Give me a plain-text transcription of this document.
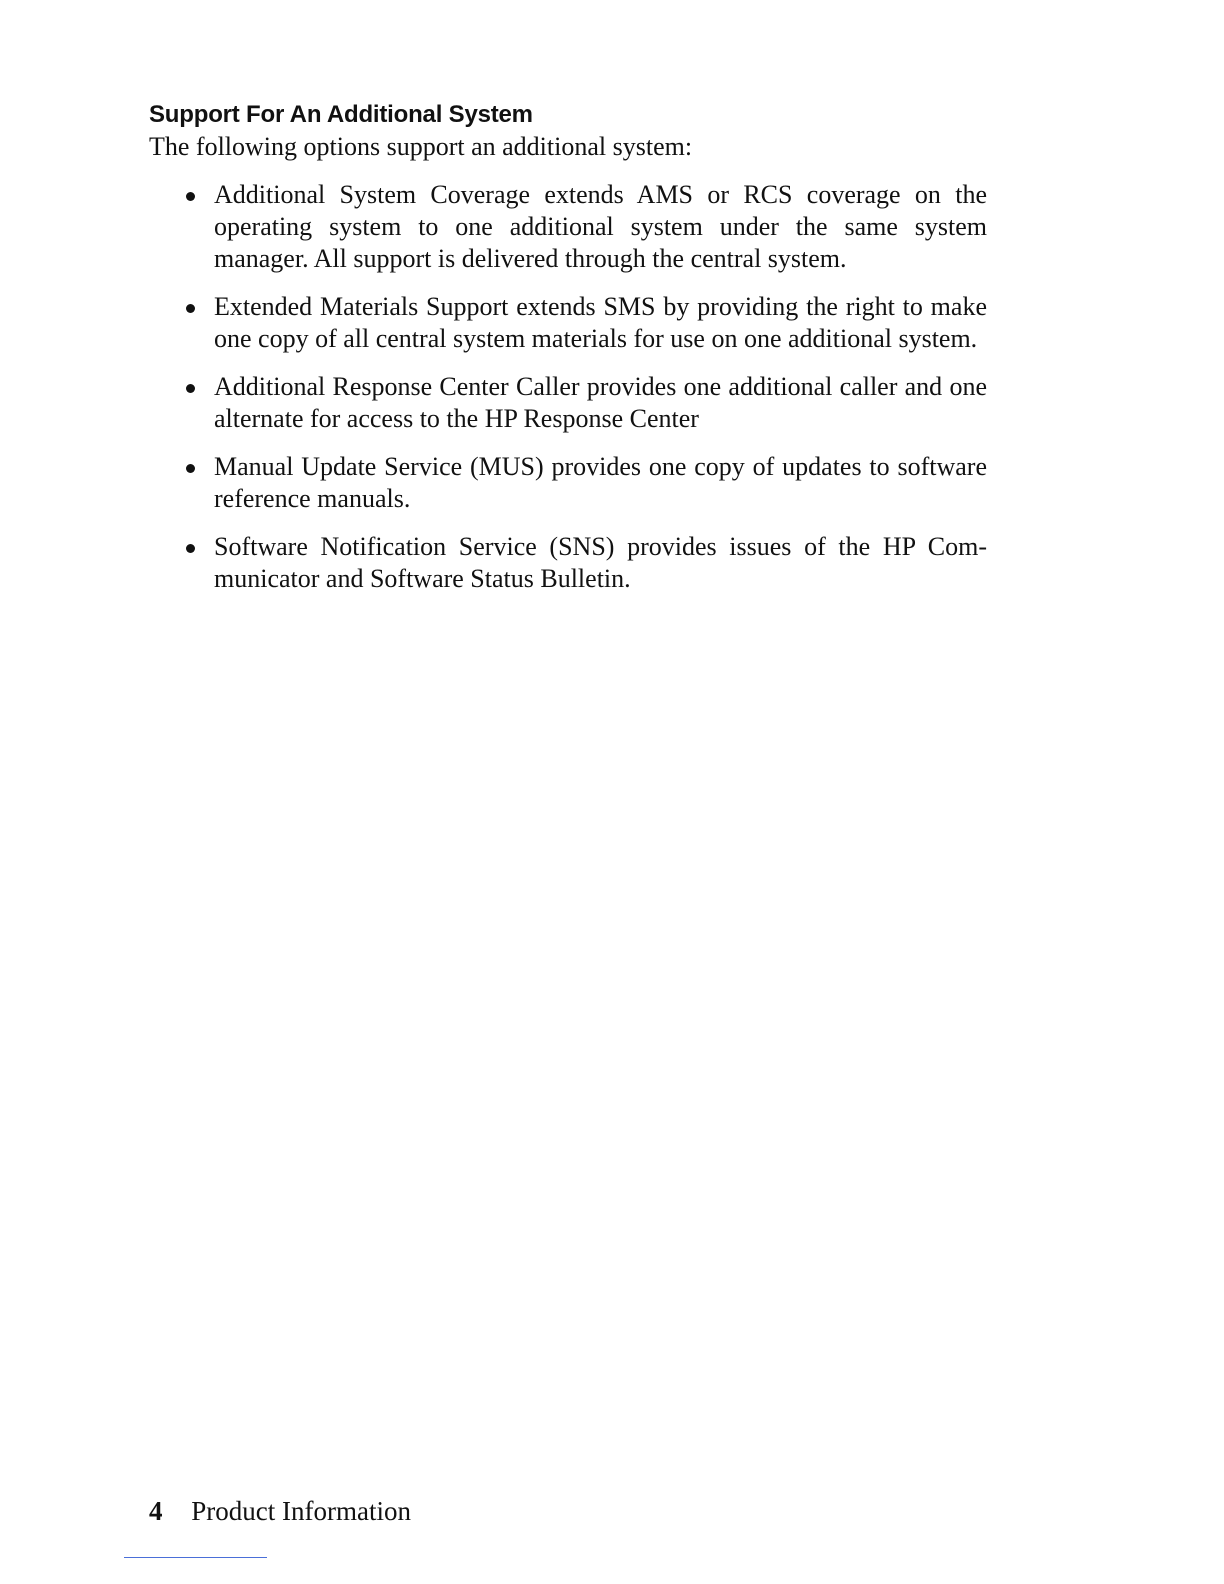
Support For An Additional System

The following options support an additional system:

Additional System Coverage extends AMS or RCS coverage on the operating system to one additional system under the same system manager. All support is delivered through the central system.
Extended Materials Support extends SMS by providing the right to make one copy of all central system materials for use on one additional system.
Additional Response Center Caller provides one additional caller and one alternate for access to the HP Response Center
Manual Update Service (MUS) provides one copy of updates to software reference manuals.
Software Notification Service (SNS) provides issues of the HP Com-municator and Software Status Bulletin.
4 Product Information
